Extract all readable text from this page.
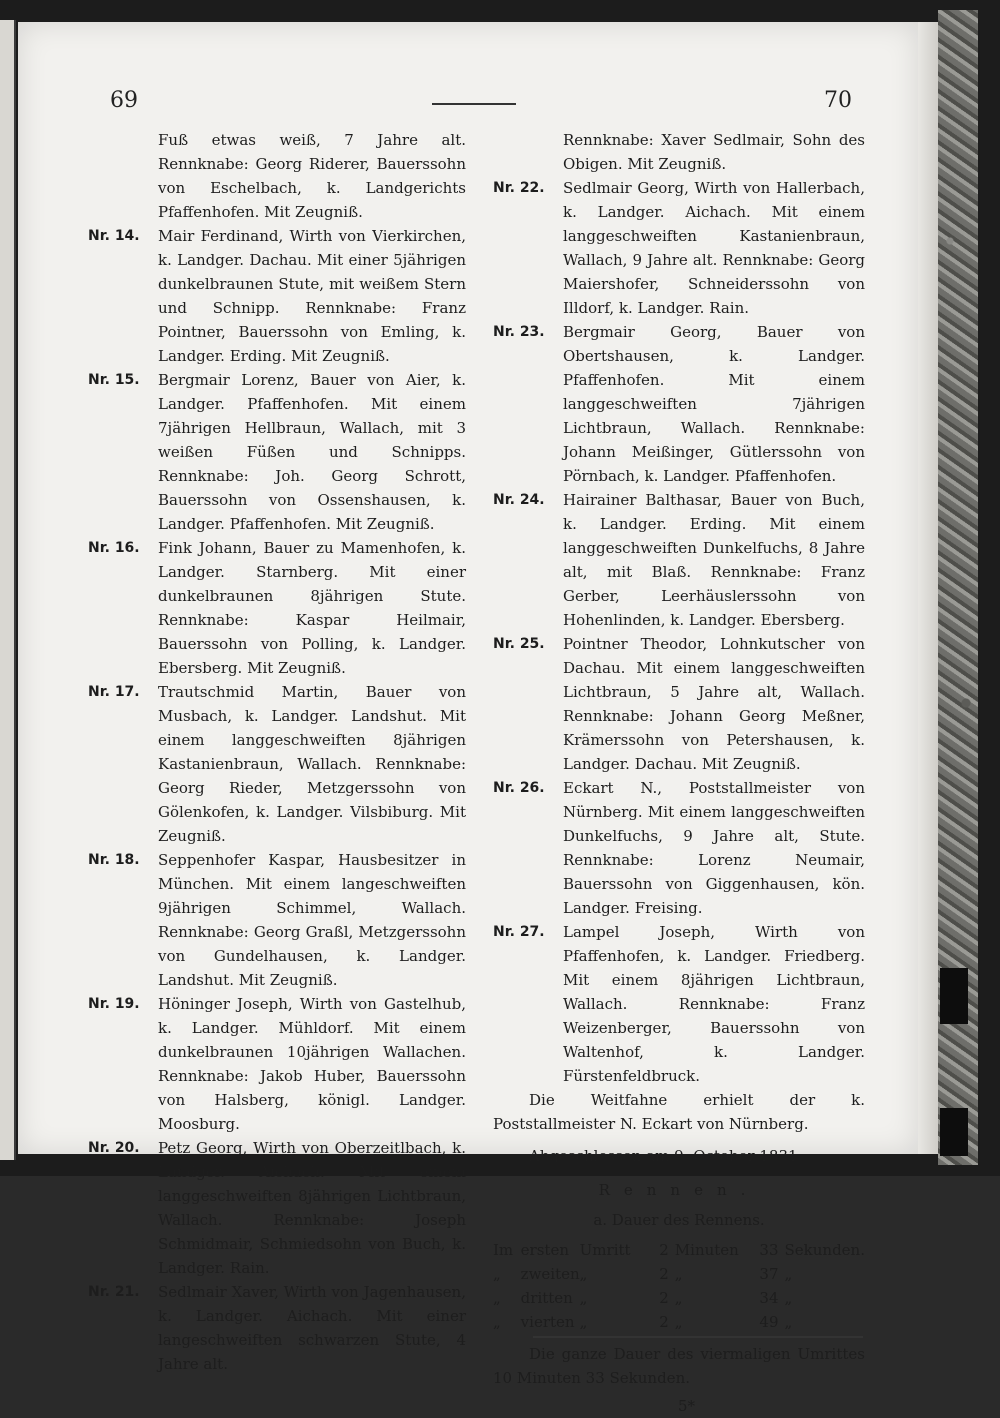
69	70
Fuß etwas weiß, 7 Jahre alt. Rennknabe: Georg Riderer, Bauerssohn von Eschelbach, k. Landgerichts Pfaffenhofen. Mit Zeugniß.
Nr. 14.	Mair Ferdinand, Wirth von Vierkirchen, k. Landger. Dachau. Mit einer 5jährigen dunkelbraunen Stute, mit weißem Stern und Schnipp. Rennknabe: Franz Pointner, Bauerssohn von Emling, k. Landger. Erding. Mit Zeugniß.
Nr. 15.	Bergmair Lorenz, Bauer von Aier, k. Landger. Pfaffenhofen. Mit einem 7jährigen Hellbraun, Wallach, mit 3 weißen Füßen und Schnipps. Rennknabe: Joh. Georg Schrott, Bauerssohn von Ossenshausen, k. Landger. Pfaffenhofen. Mit Zeugniß.
Nr. 16.	Fink Johann, Bauer zu Mamenhofen, k. Landger. Starnberg. Mit einer dunkelbraunen 8jährigen Stute. Rennknabe: Kaspar Heilmair, Bauerssohn von Polling, k. Landger. Ebersberg. Mit Zeugniß.
Nr. 17.	Trautschmid Martin, Bauer von Musbach, k. Landger. Landshut. Mit einem langgeschweiften 8jährigen Kastanienbraun, Wallach. Rennknabe: Georg Rieder, Metzgerssohn von Gölenkofen, k. Landger. Vilsbiburg. Mit Zeugniß.
Nr. 18.	Seppenhofer Kaspar, Hausbesitzer in München. Mit einem langeschweiften 9jährigen Schimmel, Wallach. Rennknabe: Georg Graßl, Metzgerssohn von Gundelhausen, k. Landger. Landshut. Mit Zeugniß.
Nr. 19.	Höninger Joseph, Wirth von Gastelhub, k. Landger. Mühldorf. Mit einem dunkelbraunen 10jährigen Wallachen. Rennknabe: Jakob Huber, Bauerssohn von Halsberg, königl. Landger. Moosburg.
Nr. 20.	Petz Georg, Wirth von Oberzeitlbach, k. Landger. Aichach. Mit einem langgeschweiften 8jährigen Lichtbraun, Wallach. Rennknabe: Joseph Schmidmair, Schmiedsohn von Buch, k. Landger. Rain.
Nr. 21.	Sedlmair Xaver, Wirth von Jagenhausen, k. Landger. Aichach. Mit einer langeschweiften schwarzen Stute, 4 Jahre alt.
Rennknabe: Xaver Sedlmair, Sohn des Obigen. Mit Zeugniß.
Nr. 22.	Sedlmair Georg, Wirth von Hallerbach, k. Landger. Aichach. Mit einem langgeschweiften Kastanienbraun, Wallach, 9 Jahre alt. Rennknabe: Georg Maiershofer, Schneiderssohn von Illdorf, k. Landger. Rain.
Nr. 23.	Bergmair Georg, Bauer von Obertshausen, k. Landger. Pfaffenhofen. Mit einem langgeschweiften 7jährigen Lichtbraun, Wallach. Rennknabe: Johann Meißinger, Gütlerssohn von Pörnbach, k. Landger. Pfaffenhofen.
Nr. 24.	Hairainer Balthasar, Bauer von Buch, k. Landger. Erding. Mit einem langgeschweiften Dunkelfuchs, 8 Jahre alt, mit Blaß. Rennknabe: Franz Gerber, Leerhäuslerssohn von Hohenlinden, k. Landger. Ebersberg.
Nr. 25.	Pointner Theodor, Lohnkutscher von Dachau. Mit einem langgeschweiften Lichtbraun, 5 Jahre alt, Wallach. Rennknabe: Johann Georg Meßner, Krämerssohn von Petershausen, k. Landger. Dachau. Mit Zeugniß.
Nr. 26.	Eckart N., Poststallmeister von Nürnberg. Mit einem langgeschweiften Dunkelfuchs, 9 Jahre alt, Stute. Rennknabe: Lorenz Neumair, Bauerssohn von Giggenhausen, kön. Landger. Freising.
Nr. 27.	Lampel Joseph, Wirth von Pfaffenhofen, k. Landger. Friedberg. Mit einem 8jährigen Lichtbraun, Wallach. Rennknabe: Franz Weizenberger, Bauerssohn von Waltenhof, k. Landger. Fürstenfeldbruck.
Die Weitfahne erhielt der k. Poststallmeister N. Eckart von Nürnberg.
Abgeschlossen am 9. October 1831.
Rennen.
a. Dauer des Rennens.
Im	ersten	Umritt	2	Minuten	33	Sekunden.
„	zweiten	„	2	„	37	„
„	dritten	„	2	„	34	„
„	vierten	„	2	„	49	„
Die ganze Dauer des viermaligen Umrittes 10 Minuten 33 Sekunden.
5*
